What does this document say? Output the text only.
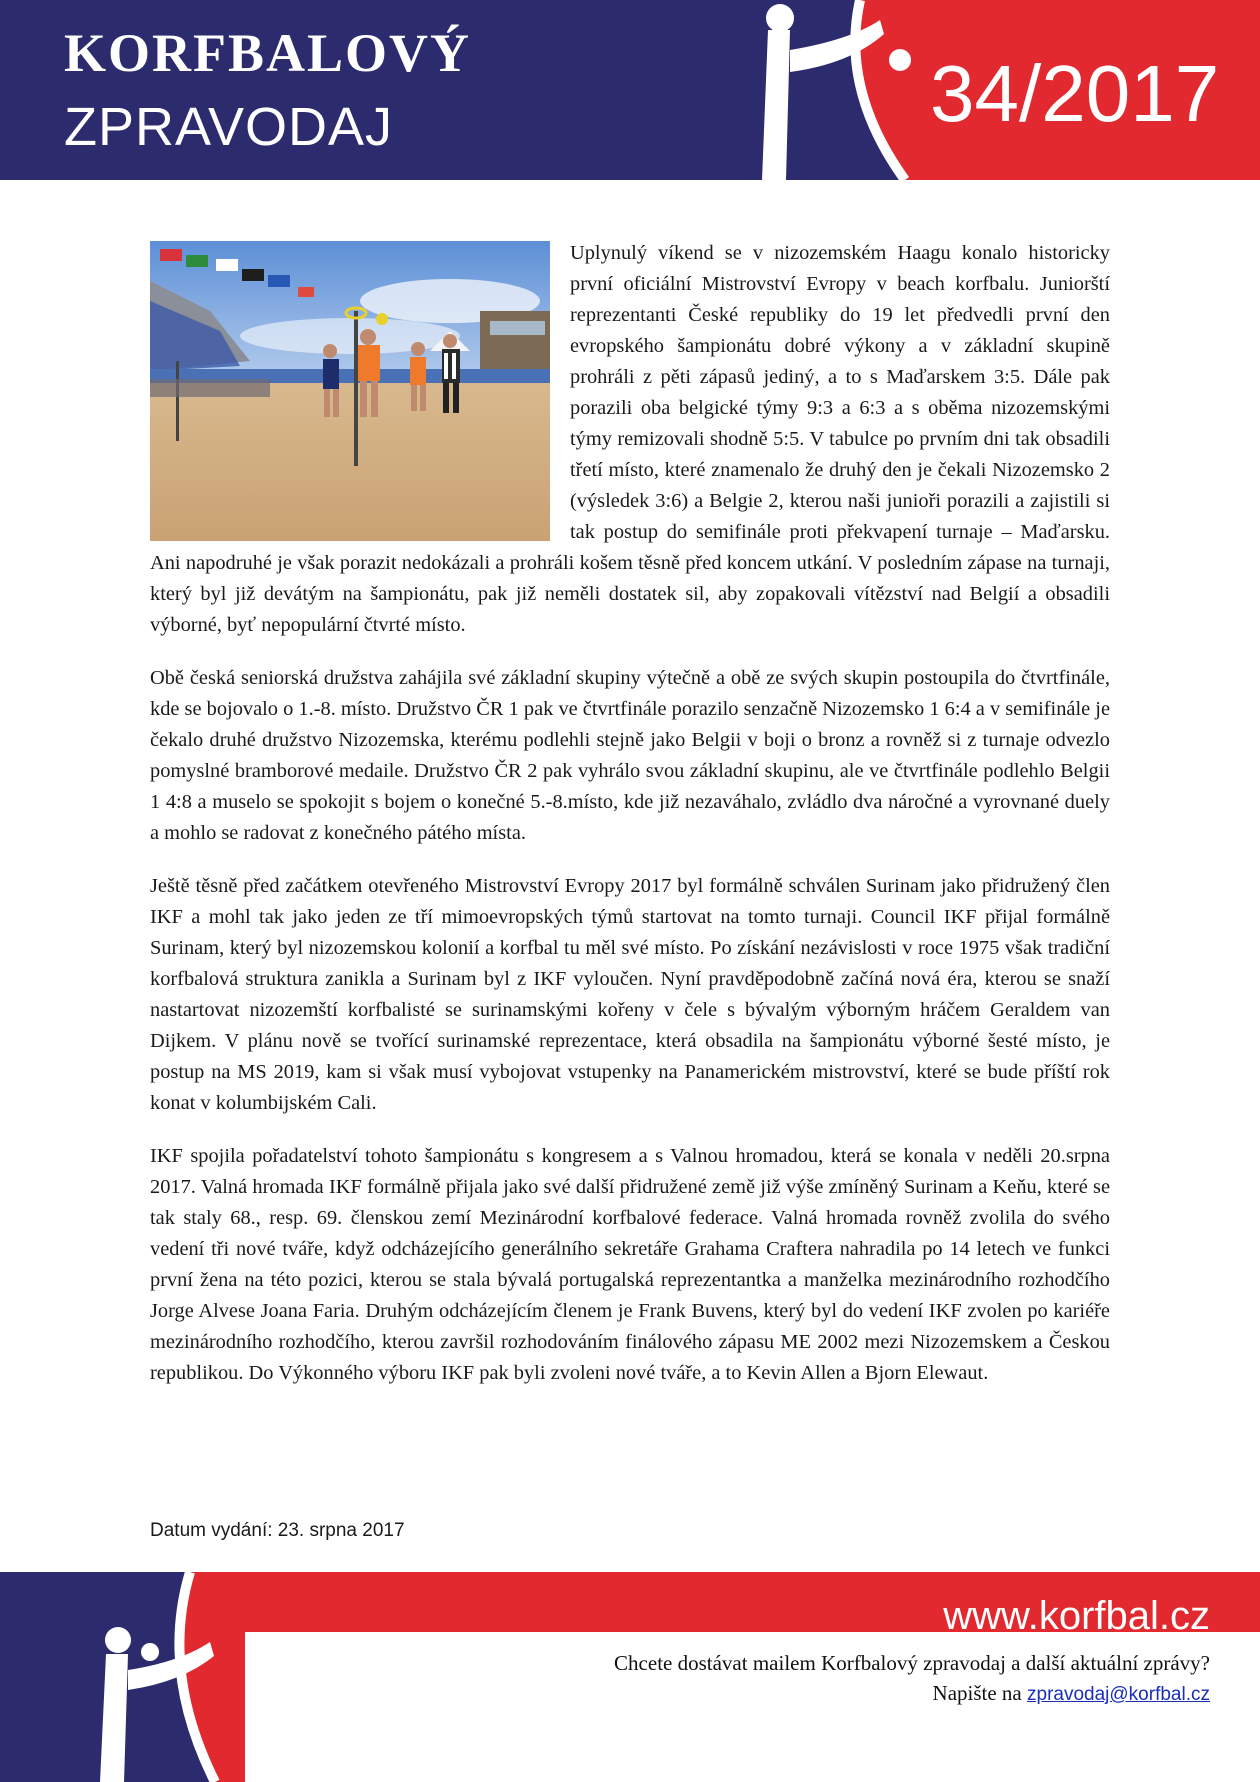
KORFBALOVÝ
ZPRAVODAJ	34/2017

Uplynulý víkend se v nizozemském Haagu konalo historicky první oficiální Mistrovství Evropy v beach korfbalu. Juniorští reprezentanti České republiky do 19 let předvedli první den evropského šampionátu dobré výkony a v základní skupině prohráli z pěti zápasů jediný, a to s Maďarskem 3:5. Dále pak porazili oba belgické týmy 9:3 a 6:3 a s oběma nizozemskými týmy remizovali shodně 5:5. V tabulce po prvním dni tak obsadili třetí místo, které znamenalo že druhý den je čekali Nizozemsko 2 (výsledek 3:6) a Belgie 2, kterou naši junioři porazili a zajistili si tak postup do semifinále proti překvapení turnaje – Maďarsku. Ani napodruhé je však porazit nedokázali a prohráli košem těsně před koncem utkání. V posledním zápase na turnaji, který byl již devátým na šampionátu, pak již neměli dostatek sil, aby zopakovali vítězství nad Belgií a obsadili výborné, byť nepopulární čtvrté místo.

Obě česká seniorská družstva zahájila své základní skupiny výtečně a obě ze svých skupin postoupila do čtvrtfinále, kde se bojovalo o 1.-8. místo. Družstvo ČR 1 pak ve čtvrtfinále porazilo senzačně Nizozemsko 1 6:4 a v semifinále je čekalo druhé družstvo Nizozemska, kterému podlehli stejně jako Belgii v boji o bronz a rovněž si z turnaje odvezlo pomyslné bramborové medaile. Družstvo ČR 2 pak vyhrálo svou základní skupinu, ale ve čtvrtfinále podlehlo Belgii 1 4:8 a muselo se spokojit s bojem o konečné 5.-8.místo, kde již nezaváhalo, zvládlo dva náročné a vyrovnané duely a mohlo se radovat z konečného pátého místa.

Ještě těsně před začátkem otevřeného Mistrovství Evropy 2017 byl formálně schválen Surinam jako přidružený člen IKF a mohl tak jako jeden ze tří mimoevropských týmů startovat na tomto turnaji. Council IKF přijal formálně Surinam, který byl nizozemskou kolonií a korfbal tu měl své místo. Po získání nezávislosti v roce 1975 však tradiční korfbalová struktura zanikla a Surinam byl z IKF vyloučen. Nyní pravděpodobně začíná nová éra, kterou se snaží nastartovat nizozemští korfbalisté se surinamskými kořeny v čele s bývalým výborným hráčem Geraldem van Dijkem. V plánu nově se tvořící surinamské reprezentace, která obsadila na šampionátu výborné šesté místo, je postup na MS 2019, kam si však musí vybojovat vstupenky na Panamerickém mistrovství, které se bude příští rok konat v kolumbijském Cali.

IKF spojila pořadatelství tohoto šampionátu s kongresem a s Valnou hromadou, která se konala v neděli 20.srpna 2017. Valná hromada IKF formálně přijala jako své další přidružené země již výše zmíněný Surinam a Keňu, které se tak staly 68., resp. 69. členskou zemí Mezinárodní korfbalové federace. Valná hromada rovněž zvolila do svého vedení tři nové tváře, když odcházejícího generálního sekretáře Grahama Craftera nahradila po 14 letech ve funkci první žena na této pozici, kterou se stala bývalá portugalská reprezentantka a manželka mezinárodního rozhodčího Jorge Alvese Joana Faria. Druhým odcházejícím členem je Frank Buvens, který byl do vedení IKF zvolen po kariéře mezinárodního rozhodčího, kterou završil rozhodováním finálového zápasu ME 2002 mezi Nizozemskem a Českou republikou. Do Výkonného výboru IKF pak byli zvoleni nové tváře, a to Kevin Allen a Bjorn Elewaut.

Datum vydání: 23. srpna 2017
www.korfbal.cz
Chcete dostávat mailem Korfbalový zpravodaj a další aktuální zprávy?
Napište na zpravodaj@korfbal.cz
